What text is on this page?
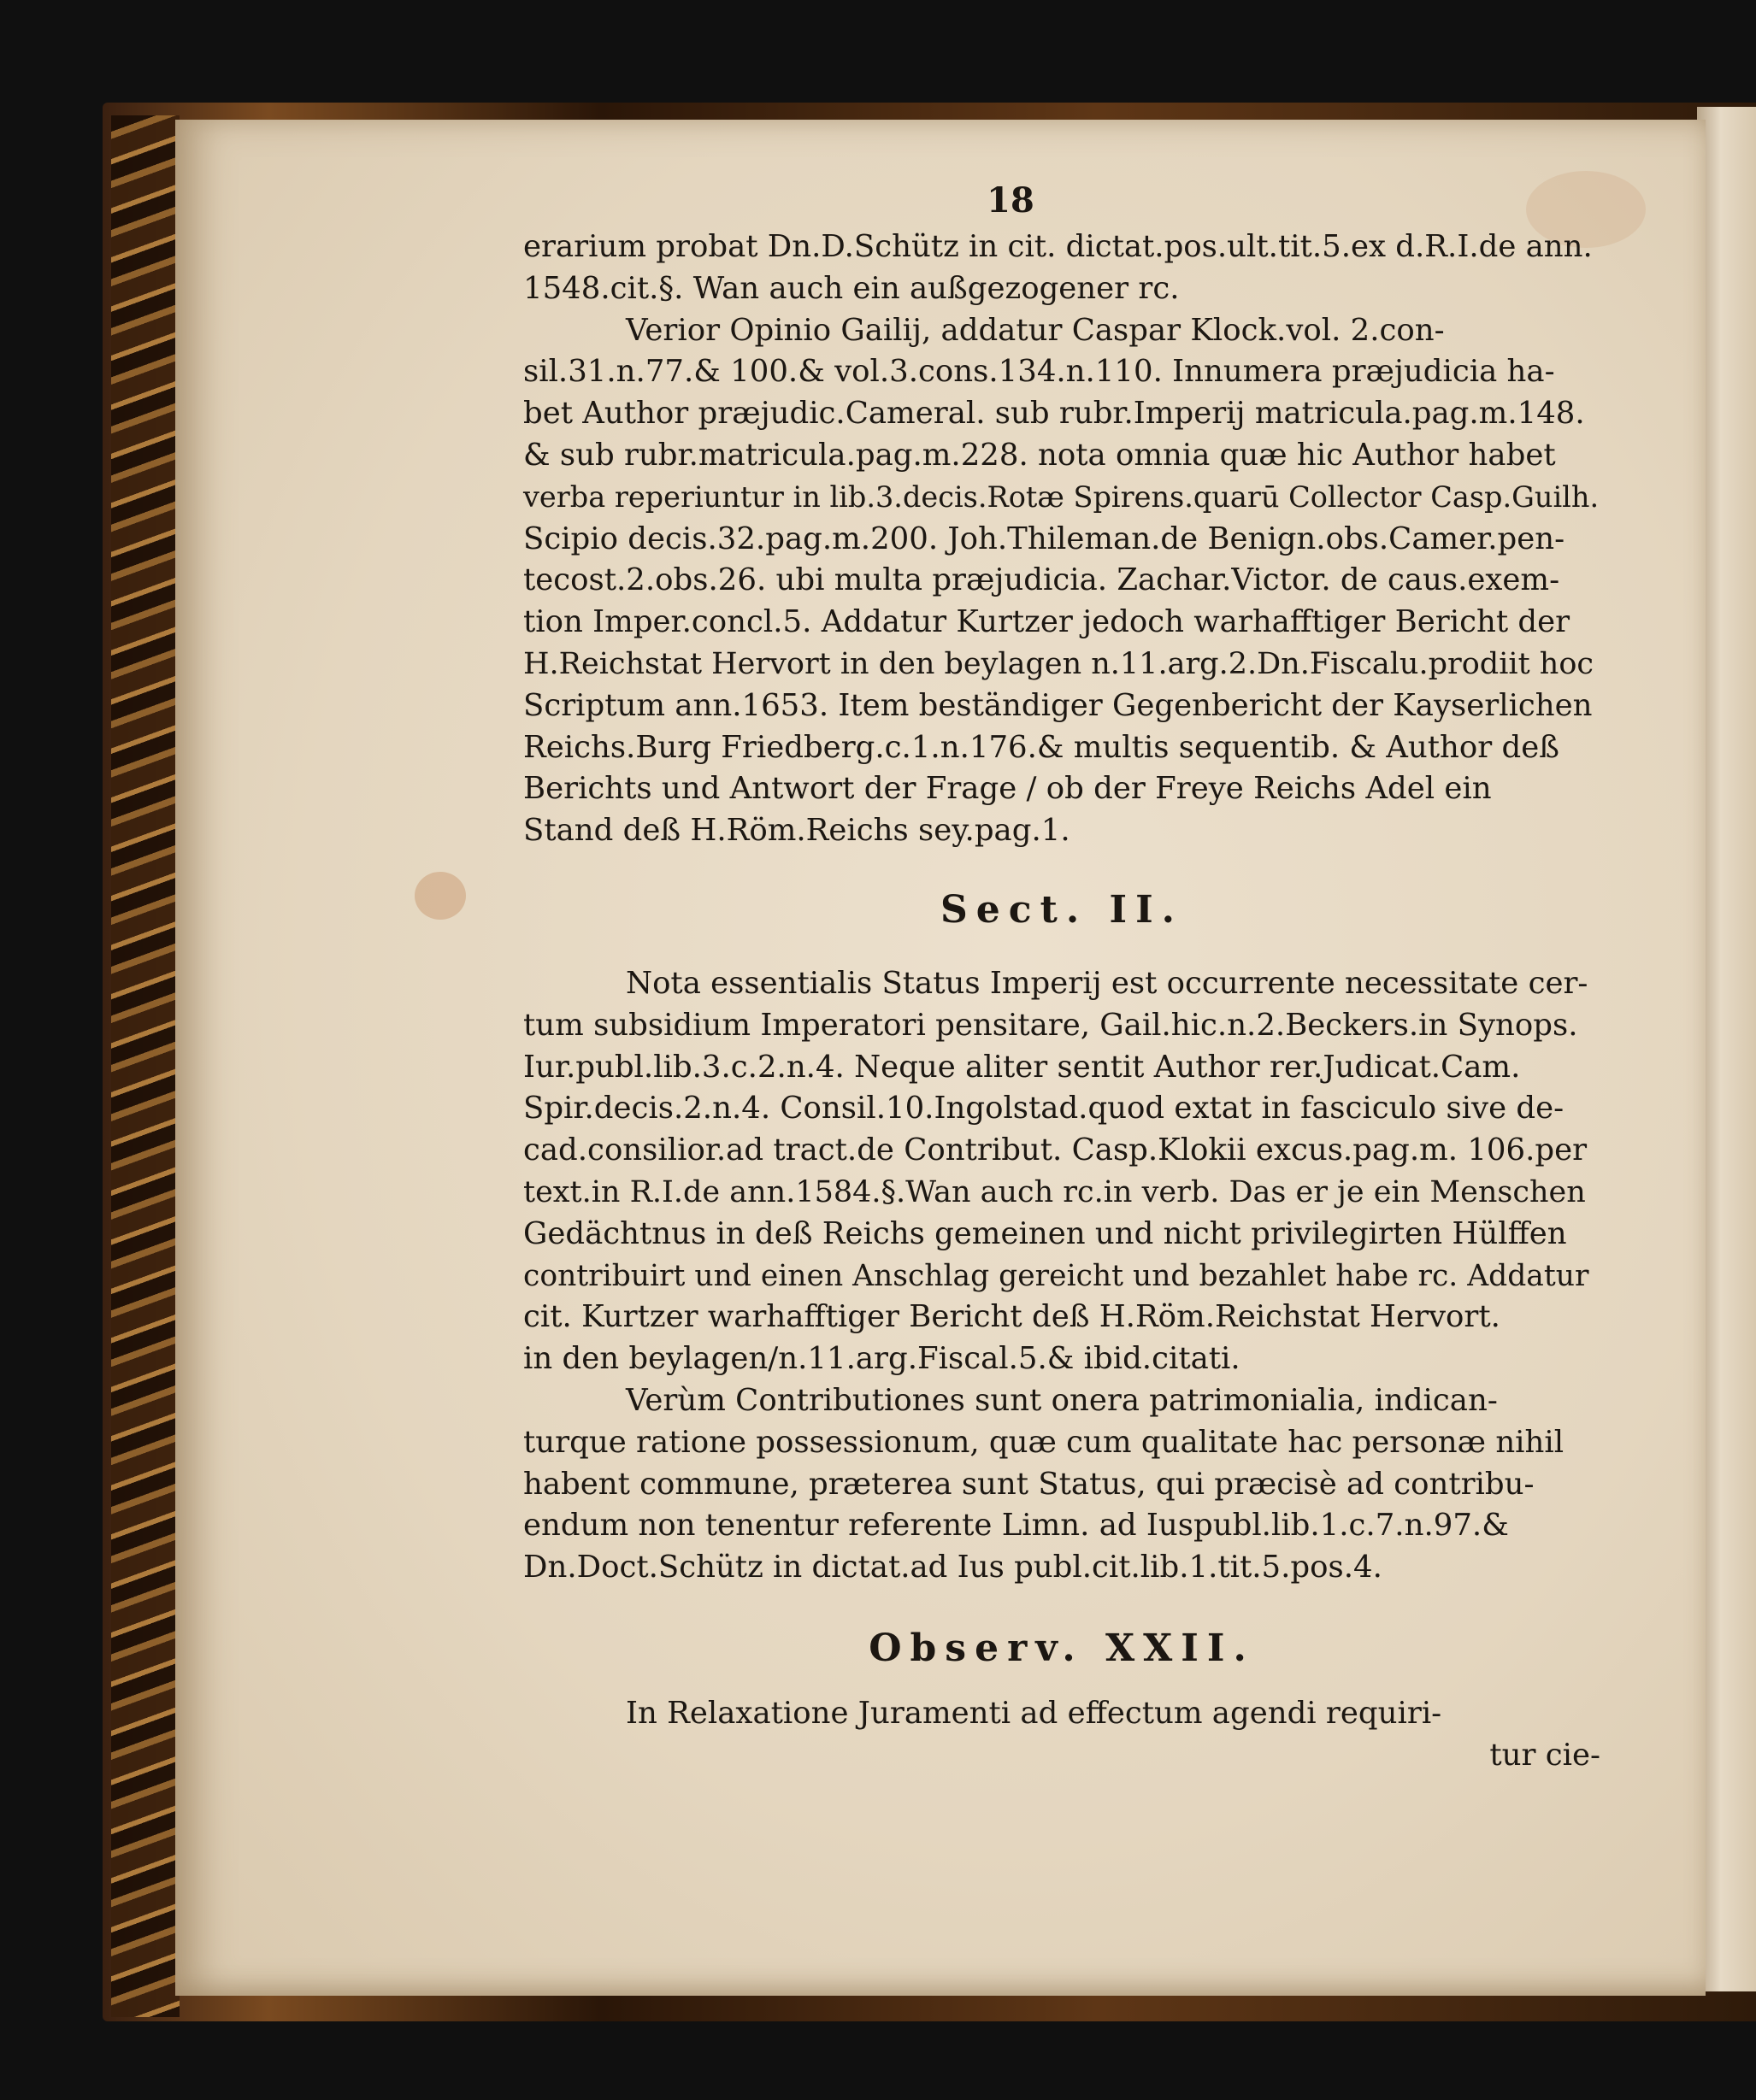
18
erarium probat Dn.D.Schütz in cit. dictat.pos.ult.tit.5.ex d.R.I.de ann.
1548.cit.§. Wan auch ein außgezogener rc.
Verior Opinio Gailij, addatur Caspar Klock.vol. 2.con-
sil.31.n.77.& 100.& vol.3.cons.134.n.110. Innumera præjudicia ha-
bet Author præjudic.Cameral. sub rubr.Imperij matricula.pag.m.148.
& sub rubr.matricula.pag.m.228. nota omnia quæ hic Author habet
verba reperiuntur in lib.3.decis.Rotæ Spirens.quarū Collector Casp.Guilh.
Scipio decis.32.pag.m.200. Joh.Thileman.de Benign.obs.Camer.pen-
tecost.2.obs.26. ubi multa præjudicia. Zachar.Victor. de caus.exem-
tion Imper.concl.5. Addatur Kurtzer jedoch warhafftiger Bericht der
H.Reichstat Hervort in den beylagen n.11.arg.2.Dn.Fiscalu.prodiit hoc
Scriptum ann.1653. Item beständiger Gegenbericht der Kayserlichen
Reichs.Burg Friedberg.c.1.n.176.& multis sequentib. & Author deß
Berichts und Antwort der Frage / ob der Freye Reichs Adel ein
Stand deß H.Röm.Reichs sey.pag.1.
Sect. II.
Nota essentialis Status Imperij est occurrente necessitate cer-
tum subsidium Imperatori pensitare, Gail.hic.n.2.Beckers.in Synops.
Iur.publ.lib.3.c.2.n.4. Neque aliter sentit Author rer.Judicat.Cam.
Spir.decis.2.n.4. Consil.10.Ingolstad.quod extat in fasciculo sive de-
cad.consilior.ad tract.de Contribut. Casp.Klokii excus.pag.m. 106.per
text.in R.I.de ann.1584.§.Wan auch rc.in verb. Das er je ein Menschen
Gedächtnus in deß Reichs gemeinen und nicht privilegirten Hülffen
contribuirt und einen Anschlag gereicht und bezahlet habe rc. Addatur
cit. Kurtzer warhafftiger Bericht deß H.Röm.Reichstat Hervort.
in den beylagen/n.11.arg.Fiscal.5.& ibid.citati.
Verùm Contributiones sunt onera patrimonialia, indican-
turque ratione possessionum, quæ cum qualitate hac personæ nihil
habent commune, præterea sunt Status, qui præcisè ad contribu-
endum non tenentur referente Limn. ad Iuspubl.lib.1.c.7.n.97.&
Dn.Doct.Schütz in dictat.ad Ius publ.cit.lib.1.tit.5.pos.4.
Observ. XXII.
In Relaxatione Juramenti ad effectum agendi requiri-
tur cie-
